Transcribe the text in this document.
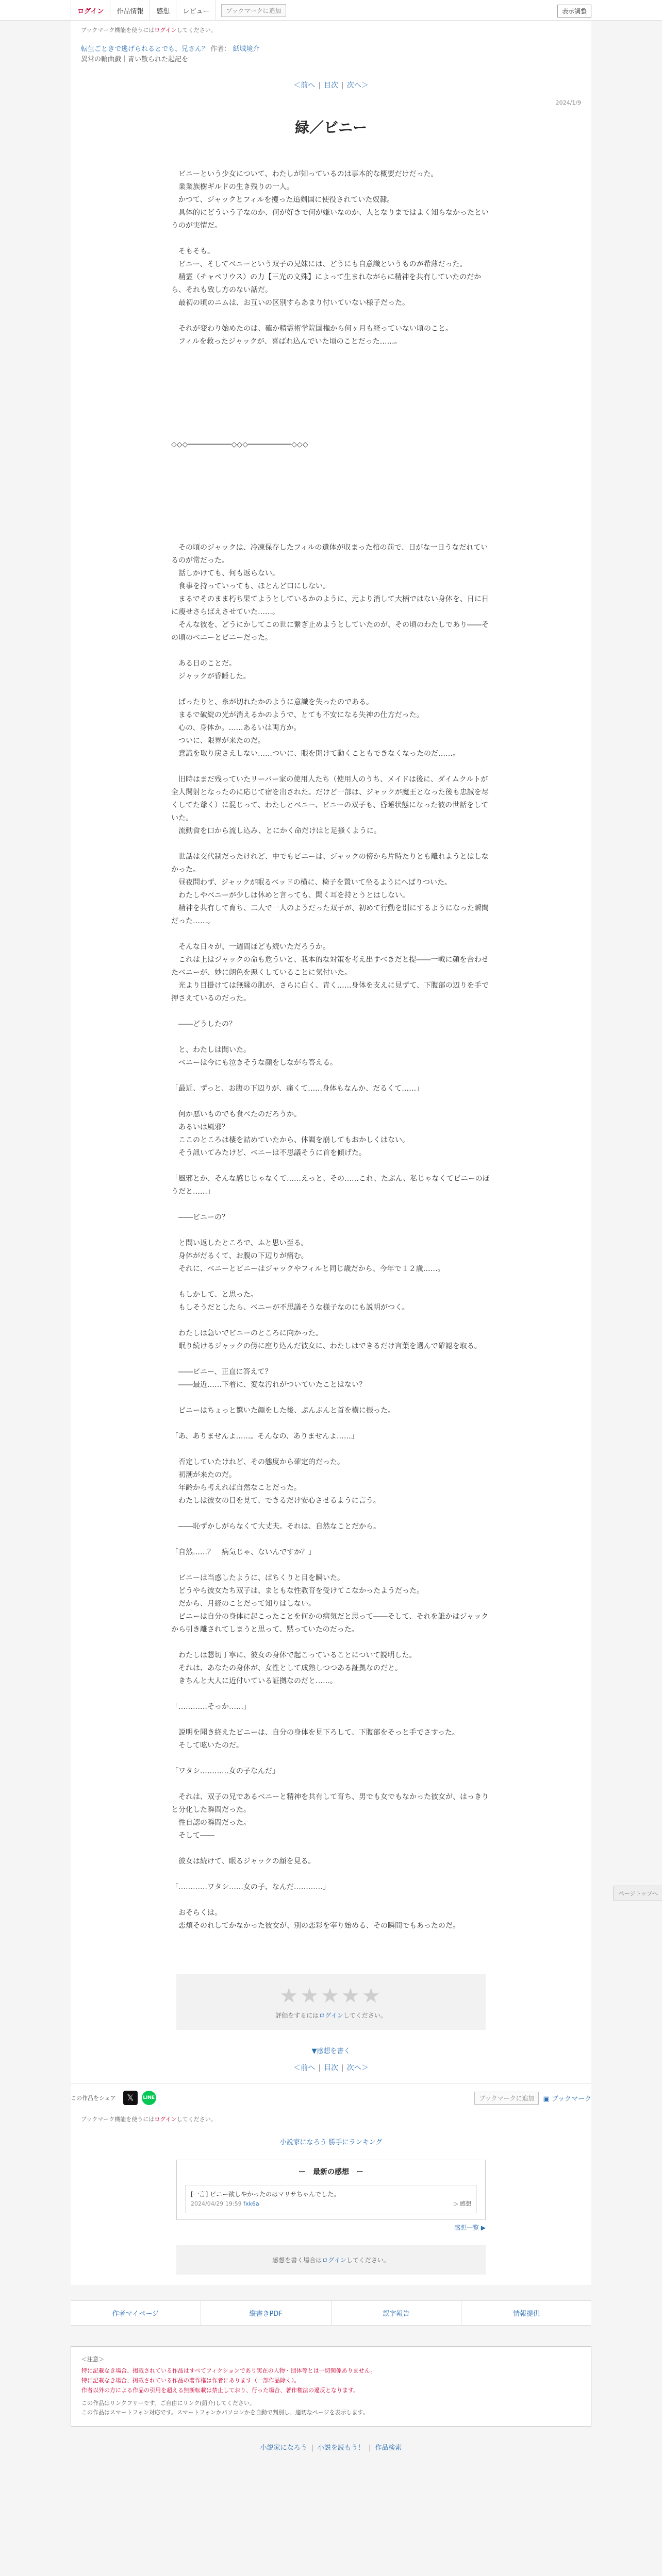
ログイン	作品情報	感想	レビュー	ブックマークに追加	表示調整
ブックマーク機能を使うにはログインしてください。
転生ごときで逃げられるとでも、兄さん？ 作者： 紙城境介
異常の輪曲戯｜青い散られた起記を
＜前へ | 目次 | 次へ＞
2024/1/9
緑／ビニー

　ビニーという少女について、わたしが知っているのは事本的な概要だけだった。

　業業族樹ギルドの生き残りの一人。

　かつて、ジャックとフィルを攫った追剣国に使役されていた奴隷。

　具体的にどういう子なのか、何が好きで何が嫌いなのか、人となりまではよく知らなかったというのが実情だ。

　そもそも。

　ビニー、そしてベニーという双子の兄妹には、どうにも自意識というものが希薄だった。

　精霊（チャペリウス）の力【三光の文殊】によって生まれながらに精神を共有していたのだから、それも致し方のない話だ。

　最初の頃のニムは、お互いの区別すらあまり付いていない様子だった。

　それが変わり始めたのは、確か精霊術学院国権から何ヶ月も経っていない頃のこと。

　フィルを救ったジャックが、喜ばれ込んでいた頃のことだった……。

◇◇◇──────────◇◇◇──────────◇◇◇

　その頃のジャックは、冷凍保存したフィルの遺体が収まった棺の前で、日がな一日うなだれているのが常だった。

　話しかけても、何も返らない。

　食事を持っていっても、ほとんど口にしない。

　まるでそのまま朽ち果てようとしているかのように、元より消して大柄ではない身体を、日に日に痩せさらばえさせていた……。

　そんな彼を、どうにかしてこの世に繋ぎ止めようとしていたのが、その頃のわたしであり――その頃のベニーとビニーだった。

　ある日のことだ。

　ジャックが昏睡した。

　ぱったりと、糸が切れたかのように意識を失ったのである。

　まるで破綻の光が消えるかのようで、とても不安になる失神の仕方だった。

　心の、身体か。……あるいは両方か。

　ついに、限界が来たのだ。

　意識を取り戻さえしない……ついに、眼を開けて動くこともできなくなったのだ……。

　旧時はまだ残っていたリーパー家の使用人たち（使用人のうち、メイドは後に、ダイムクルトが全人関射となったのに応じて宿を出された。だけど一部は、ジャックが魔王となった後も忠誠を尽くしてた爺く）に混じって、わたしとベニー、ビニーの双子も、昏睡状態になった彼の世話をしていた。

　流動食を口から流し込み、とにかく命だけはと足掻くように。

　世話は交代制だったけれど、中でもビニーは、ジャックの傍から片時たりとも離れようとはしなかった。

　昼夜問わず、ジャックが眠るベッドの横に、椅子を置いて坐るようにへばりついた。

　わたしやベニーが少しは休めと言っても、聞く耳を持とうとはしない。

　精神を共有して育ち、二人で一人のようだった双子が、初めて行動を別にするようになった瞬間だった……。

　そんな日々が、一週間ほども続いただろうか。

　これは上はジャックの命も危ういと、我本的な対策を考え出すべきだと提――一戦に顔を合わせたベニーが、妙に朗色を悪くしていることに気付いた。

　光より目掛けては無縁の肌が、さらに白く、青く……身体を支えに見ずて、下腹部の辺りを手で押さえているのだった。

　――どうしたの？

　と、わたしは聞いた。

　ベニーは今にも泣きそうな顔をしながら答える。

「最近、ずっと、お腹の下辺りが、痛くて……身体もなんか、だるくて……」

　何か悪いものでも食べたのだろうか。

　あるいは風邪？

　ここのところは棲を詰めていたから、体調を崩してもおかしくはない。

　そう訊いてみたけど、ベニーは不思議そうに首を傾げた。

「風邪とか、そんな感じじゃなくて……えっと、その……これ、たぶん、私じゃなくてビニーのほうだと……」

　――ビニーの？

　と問い返したところで、ふと思い至る。

　身体がだるくて、お腹の下辺りが痛む。

　それに、ベニーとビニーはジャックやフィルと同じ歳だから、今年で１２歳……。

　もしかして、と思った。

　もしそうだとしたら、ベニーが不思議そうな様子なのにも説明がつく。

　わたしは急いでビニーのところに向かった。

　眠り続けるジャックの傍に座り込んだ彼女に、わたしはできるだけ言葉を選んで確認を取る。

　――ビニー、正直に答えて？

　――最近……下着に、変な汚れがついていたことはない？

　ビニーはちょっと驚いた顔をした後、ぷんぷんと首を横に振った。

「あ、ありませんよ……。そんなの、ありませんよ……」

　否定していたけれど、その態度から確定的だった。

　初潮が来たのだ。

　年齢から考えれば自然なことだった。

　わたしは彼女の目を見て、できるだけ安心させるように言う。

　――恥ずかしがらなくて大丈夫。それは、自然なことだから。

「自然……？　病気じゃ、ないんですか？」

　ビニーは当惑したように、ぱちくりと目を瞬いた。

　どうやら彼女たち双子は、まともな性教育を受けてこなかったようだった。

　だから、月経のことだって知りはしない。

　ビニーは自分の身体に起こったことを何かの病気だと思って――そして、それを誰かはジャックから引き離されてしまうと思って、黙っていたのだった。

　わたしは懇切丁寧に、彼女の身体で起こっていることについて説明した。

　それは、あなたの身体が、女性として成熟しつつある証拠なのだと。

　きちんと大人に近付いている証拠なのだと……。

「…………そっか……」

　説明を聞き終えたビニーは、自分の身体を見下ろして、下腹部をそっと手でさすった。

　そして呟いたのだ。

「ワタシ…………女の子なんだ」

　それは、双子の兄であるベニーと精神を共有して育ち、男でも女でもなかった彼女が、はっきりと分化した瞬間だった。

　性自認の瞬間だった。

　そして――

　彼女は続けて、眠るジャックの顔を見る。

「…………ワタシ……女の子、なんだ…………」

　おそらくは。

　恋煩そのれしてかなかった彼女が、別の恋彩を宰り始める、その瞬間でもあったのだ。

ページトップへ
★★★★★
評価をするにはログインしてください。
▼感想を書く
＜前へ | 目次 | 次へ＞
この作品をシェア	𝕏	LINE	ブックマークに追加	▣ ブックマーク
ブックマーク機能を使うにはログインしてください。
小説家になろう 勝手にランキング
ー　最新の感想　ー
[一言] ビニー欲しやかったのはマリサちゃんでした。
2024/04/29 19:59 fxk6a	▷ 感想
感想一覧 ▶
感想を書く場合はログインしてください。
作者マイページ	縦書きPDF	誤字報告	情報提供
＜注意＞
特に記載なき場合、掲載されている作品はすべてフィクションであり実在の人物・団体等とは一切関係ありません。
特に記載なき場合、掲載されている作品の著作権は作者にあります（一部作品除く）。
作者以外の方による作品の引用を超える無断転載は禁止しており、行った場合、著作権法の違反となります。
この作品はリンクフリーです。ご自由にリンク(紹介)してください。
この作品はスマートフォン対応です。スマートフォンかパソコンかを自動で判別し、適切なページを表示します。
小説家になろう | 小説を読もう！ | 作品検索
